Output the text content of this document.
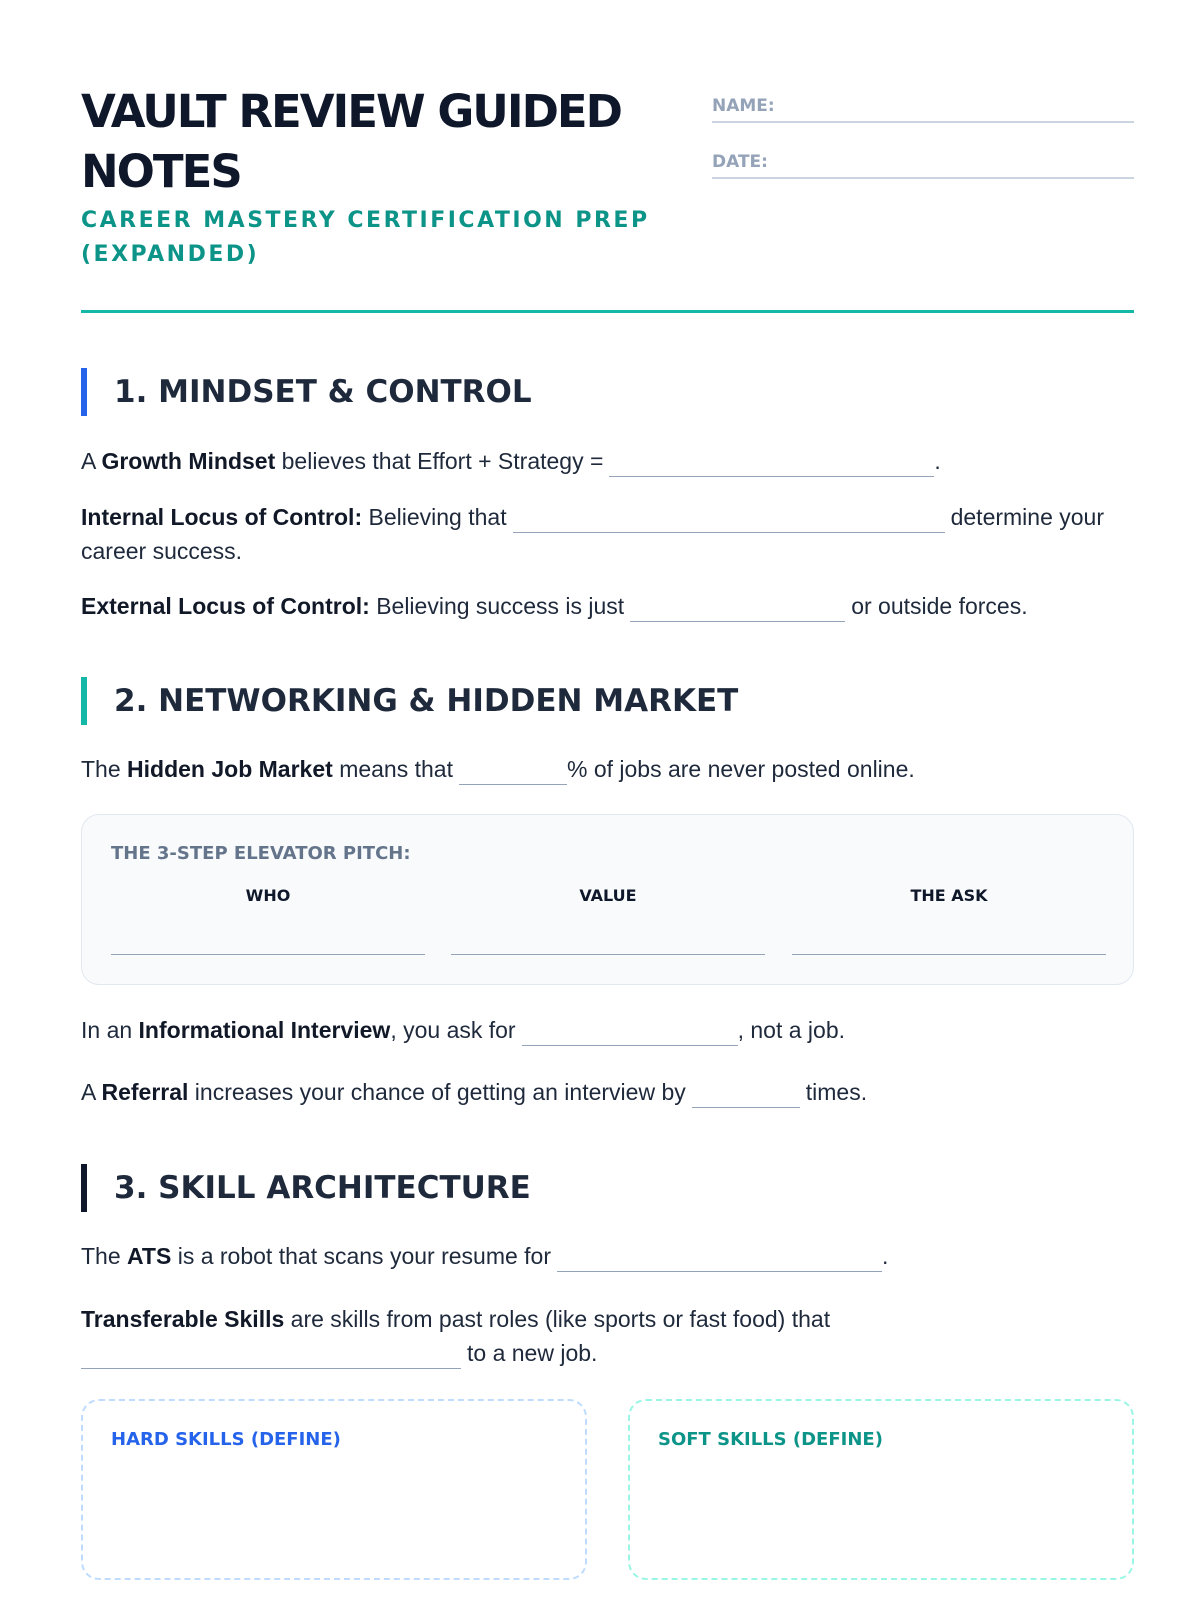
VAULT REVIEW GUIDED NOTES
CAREER MASTERY CERTIFICATION PREP (EXPANDED)
NAME:
DATE:
1. MINDSET & CONTROL

A Growth Mindset believes that Effort + Strategy =	.

Internal Locus of Control: Believing that	determine your career success.

External Locus of Control: Believing success is just	or outside forces.

2. NETWORKING & HIDDEN MARKET

The Hidden Job Market means that	% of jobs are never posted online.

THE 3-STEP ELEVATOR PITCH:
WHO	VALUE	THE ASK

In an Informational Interview, you ask for	, not a job.

A Referral increases your chance of getting an interview by	times.

3. SKILL ARCHITECTURE

The ATS is a robot that scans your resume for	.

Transferable Skills are skills from past roles (like sports or fast food) thatto a new job.

HARD SKILLS (DEFINE)	SOFT SKILLS (DEFINE)
